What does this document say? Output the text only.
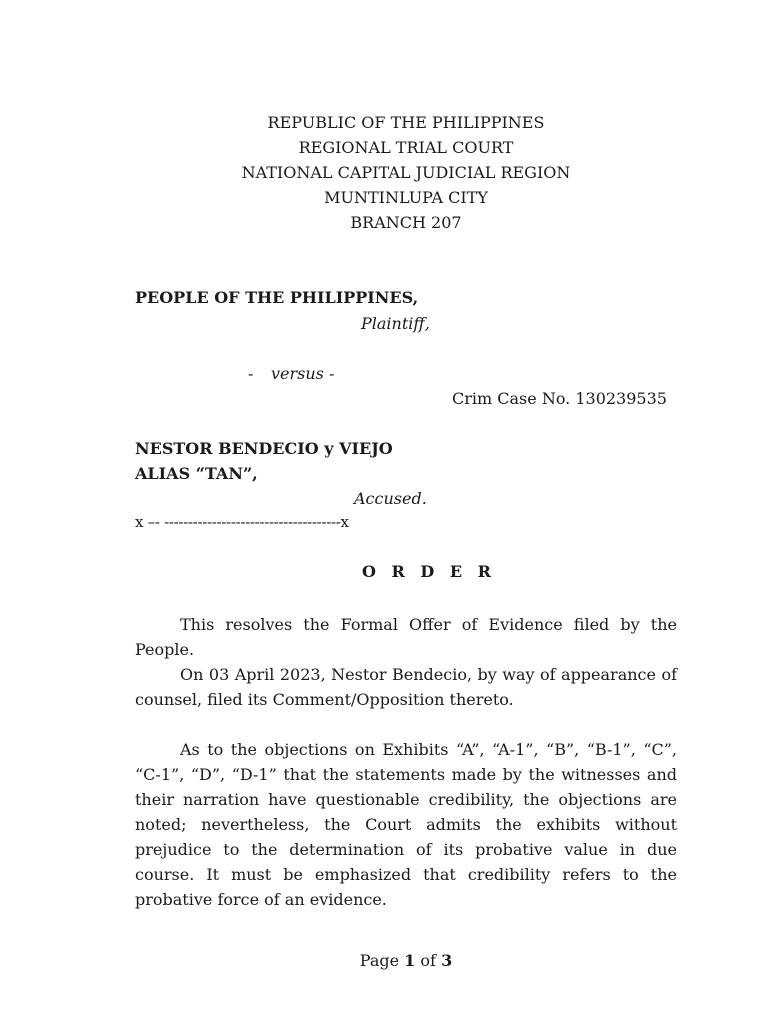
REPUBLIC OF THE PHILIPPINES
REGIONAL TRIAL COURT
NATIONAL CAPITAL JUDICIAL REGION
MUNTINLUPA CITY
BRANCH 207
PEOPLE OF THE PHILIPPINES,
Plaintiff,
- versus -
Crim Case No. 130239535
NESTOR BENDECIO y VIEJO
ALIAS “TAN”,
Accused.
x –- -------------------------------------x
O R D E R
This resolves the Formal Offer of Evidence filed by the People.
On 03 April 2023, Nestor Bendecio, by way of appearance of counsel, filed its Comment/Opposition thereto.
As to the objections on Exhibits “A”, “A-1”, “B”, “B-1”, “C”, “C-1”, “D”, “D-1” that the statements made by the witnesses and their narration have questionable credibility, the objections are noted; nevertheless, the Court admits the exhibits without prejudice to the determination of its probative value in due course. It must be emphasized that credibility refers to the probative force of an evidence.
Page 1 of 3
